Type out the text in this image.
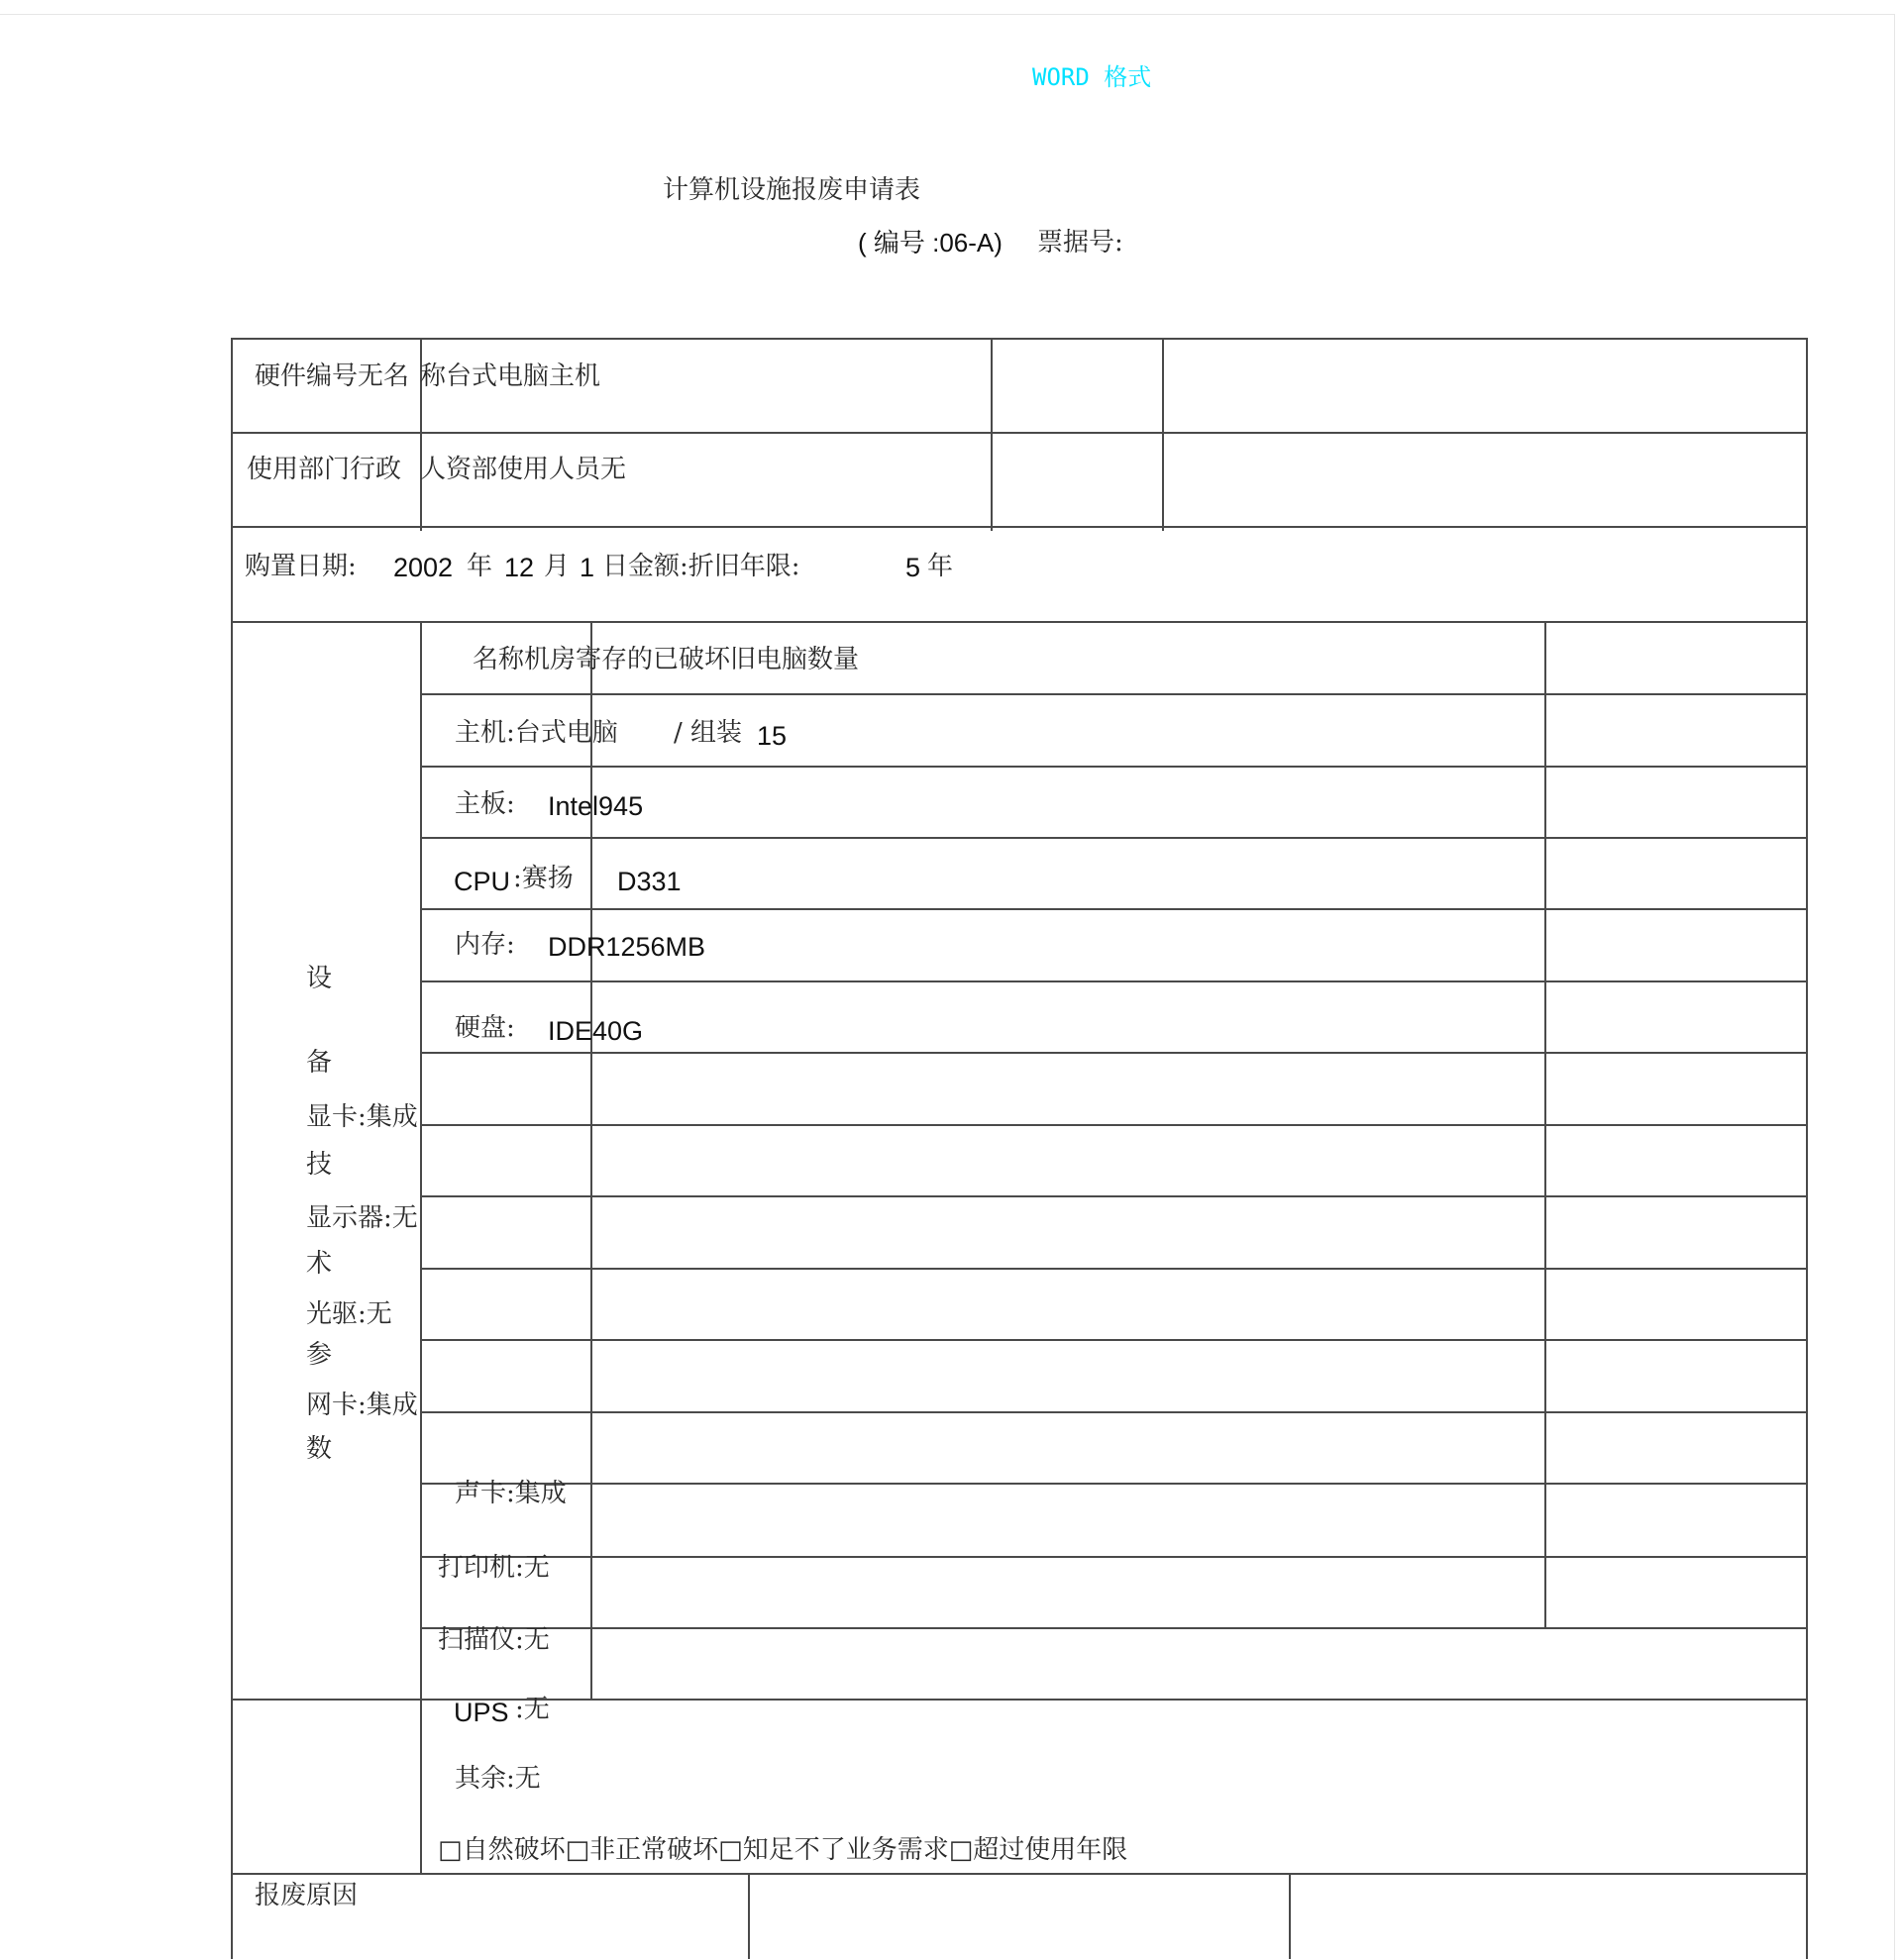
WORD 格式
计算机设施报废申请表
( 编号 :06-A) 票据号:
硬件编号无名 称台式电脑主机
使用部门行政 人资部使用人员无
购置日期: 2002 年 12 月 1 日金额:折旧年限:	5 年
设
备
技
术
参
数
名称机房寄存的已破坏旧电脑数量
主机:台式电脑 / 组装 15
主板: Intel945
CPU :赛扬 D331
内存: DDR1256MB
硬盘: IDE40G
显卡:集成
显示器:无
光驱:无
网卡:集成
声卡:集成
打印机:无
扫描仪:无
UPS :无
其余:无
□自然破坏□非正常破坏□知足不了业务需求□超过使用年限
报废原因
